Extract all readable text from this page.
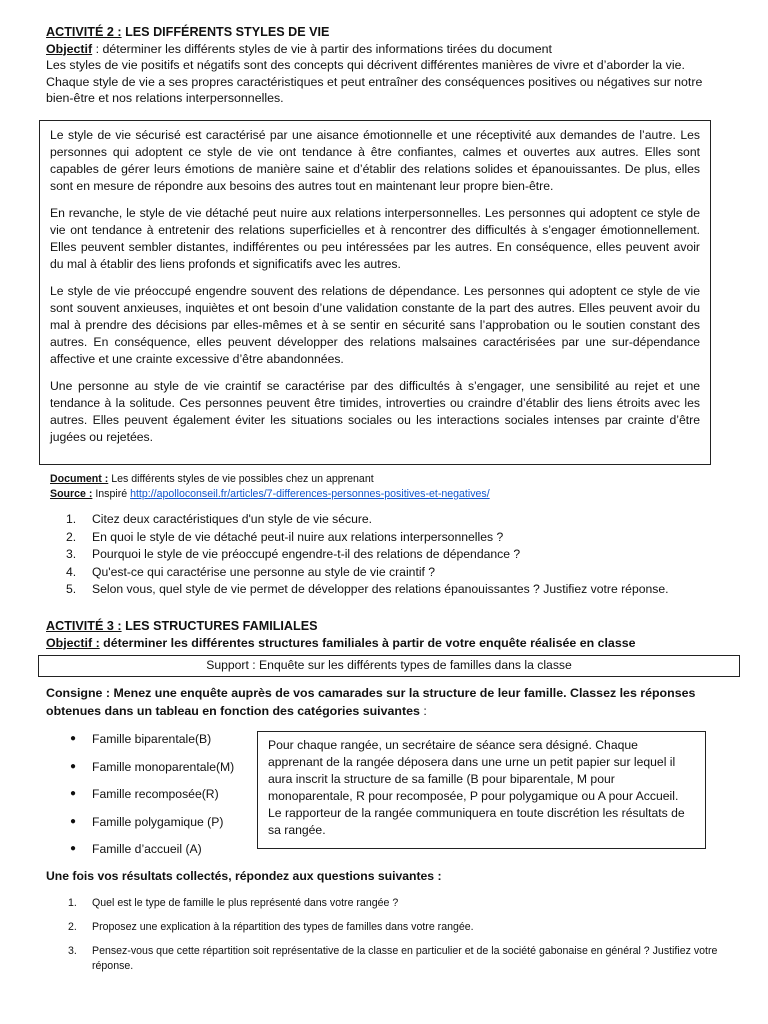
ACTIVITÉ 2 : LES DIFFÉRENTS STYLES DE VIE

Objectif : déterminer les différents styles de vie à partir des informations tirées du document

Les styles de vie positifs et négatifs sont des concepts qui décrivent différentes manières de vivre et d’aborder la vie.

Chaque style de vie a ses propres caractéristiques et peut entraîner des conséquences positives ou négatives sur notre

bien-être et nos relations interpersonnelles.

Le style de vie sécurisé est caractérisé par une aisance émotionnelle et une réceptivité aux demandes de l’autre. Les personnes qui adoptent ce style de vie ont tendance à être confiantes, calmes et ouvertes aux autres. Elles sont capables de gérer leurs émotions de manière saine et d’établir des relations solides et épanouissantes. De plus, elles sont en mesure de répondre aux besoins des autres tout en maintenant leur propre bien-être.

En revanche, le style de vie détaché peut nuire aux relations interpersonnelles. Les personnes qui adoptent ce style de vie ont tendance à entretenir des relations superficielles et à rencontrer des difficultés à s’engager émotionnellement. Elles peuvent sembler distantes, indifférentes ou peu intéressées par les autres. En conséquence, elles peuvent avoir du mal à établir des liens profonds et significatifs avec les autres.

Le style de vie préoccupé engendre souvent des relations de dépendance. Les personnes qui adoptent ce style de vie sont souvent anxieuses, inquiètes et ont besoin d’une validation constante de la part des autres. Elles peuvent avoir du mal à prendre des décisions par elles-mêmes et à se sentir en sécurité sans l’approbation ou le soutien constant des autres. En conséquence, elles peuvent développer des relations malsaines caractérisées par une sur-dépendance affective et une crainte excessive d’être abandonnées.

Une personne au style de vie craintif se caractérise par des difficultés à s’engager, une sensibilité au rejet et une tendance à la solitude. Ces personnes peuvent être timides, introverties ou craindre d’établir des liens étroits avec les autres. Elles peuvent également éviter les situations sociales ou les interactions sociales intenses par crainte d’être jugées ou rejetées.

Document : Les différents styles de vie possibles chez un apprenant
Source : Inspiré http://apolloconseil.fr/articles/7-differences-personnes-positives-et-negatives/
1.	Citez deux caractéristiques d'un style de vie sécure.
2.	En quoi le style de vie détaché peut-il nuire aux relations interpersonnelles ?
3.	Pourquoi le style de vie préoccupé engendre-t-il des relations de dépendance ?
4.	Qu'est-ce qui caractérise une personne au style de vie craintif ?
5.	Selon vous, quel style de vie permet de développer des relations épanouissantes ? Justifiez votre réponse.
ACTIVITÉ 3 : LES STRUCTURES FAMILIALES

Objectif : déterminer les différentes structures familiales à partir de votre enquête réalisée en classe

Support : Enquête sur les différents types de familles dans la classe
Consigne : Menez une enquête auprès de vos camarades sur la structure de leur famille. Classez les réponses obtenues dans un tableau en fonction des catégories suivantes :
●	Famille biparentale(B)
●	Famille monoparentale(M)
●	Famille recomposée(R)
●	Famille polygamique (P)
●	Famille d’accueil (A)
Pour chaque rangée, un secrétaire de séance sera désigné. Chaque apprenant de la rangée déposera dans une urne un petit papier sur lequel il aura inscrit la structure de sa famille (B pour biparentale, M pour monoparentale, R pour recomposée, P pour polygamique ou A pour Accueil. Le rapporteur de la rangée communiquera en toute discrétion les résultats de sa rangée.
Une fois vos résultats collectés, répondez aux questions suivantes :
1.	Quel est le type de famille le plus représenté dans votre rangée ?
2.	Proposez une explication à la répartition des types de familles dans votre rangée.
3.	Pensez-vous que cette répartition soit représentative de la classe en particulier et de la société gabonaise en général ? Justifiez votre réponse.
